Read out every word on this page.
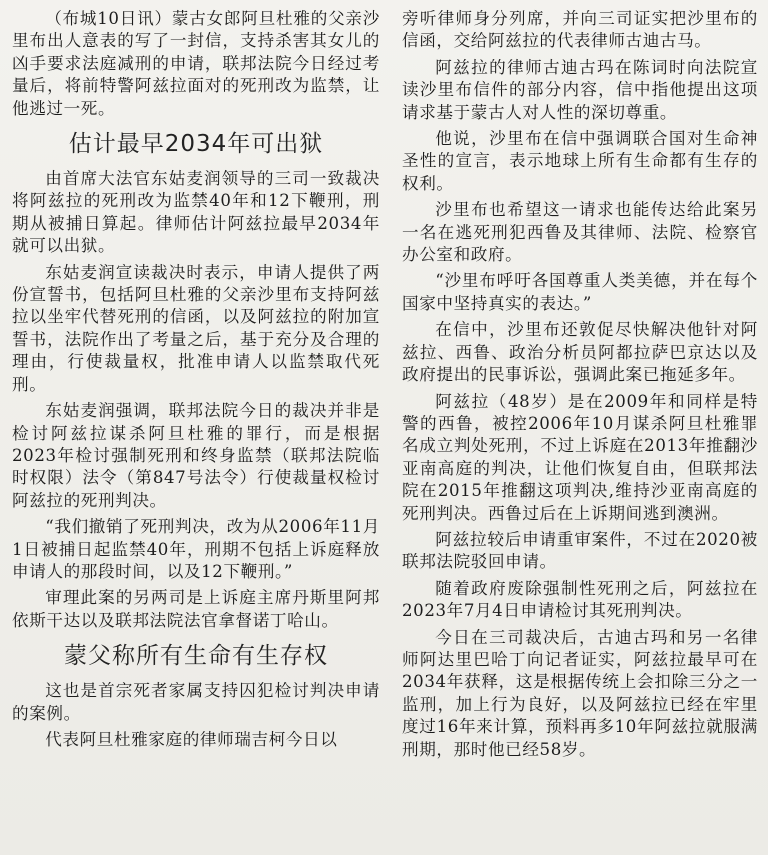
（布城10日讯）蒙古女郎阿旦杜雅的父亲沙里布出人意表的写了一封信，支持杀害其女儿的凶手要求法庭减刑的申请，联邦法院今日经过考量后，将前特警阿兹拉面对的死刑改为监禁，让他逃过一死。

估计最早2034年可出狱

由首席大法官东姑麦润领导的三司一致裁决将阿兹拉的死刑改为监禁40年和12下鞭刑，刑期从被捕日算起。律师估计阿兹拉最早2034年就可以出狱。

东姑麦润宣读裁决时表示，申请人提供了两份宣誓书，包括阿旦杜雅的父亲沙里布支持阿兹拉以坐牢代替死刑的信函，以及阿兹拉的附加宣誓书，法院作出了考量之后，基于充分及合理的理由，行使裁量权，批准申请人以监禁取代死刑。

东姑麦润强调，联邦法院今日的裁决并非是检讨阿兹拉谋杀阿旦杜雅的罪行，而是根据2023年检讨强制死刑和终身监禁（联邦法院临时权限）法令（第847号法令）行使裁量权检讨阿兹拉的死刑判决。

“我们撤销了死刑判决，改为从2006年11月1日被捕日起监禁40年，刑期不包括上诉庭释放申请人的那段时间，以及12下鞭刑。”

审理此案的另两司是上诉庭主席丹斯里阿邦依斯干达以及联邦法院法官拿督诺丁哈山。

蒙父称所有生命有生存权

这也是首宗死者家属支持囚犯检讨判决申请的案例。

代表阿旦杜雅家庭的律师瑞吉柯今日以

旁听律师身分列席，并向三司证实把沙里布的信函，交给阿兹拉的代表律师古迪古马。

阿兹拉的律师古迪古玛在陈词时向法院宣读沙里布信件的部分内容，信中指他提出这项请求基于蒙古人对人性的深切尊重。

他说，沙里布在信中强调联合国对生命神圣性的宣言，表示地球上所有生命都有生存的权利。

沙里布也希望这一请求也能传达给此案另一名在逃死刑犯西鲁及其律师、法院、检察官办公室和政府。

“沙里布呼吁各国尊重人类美德，并在每个国家中坚持真实的表达。”

在信中，沙里布还敦促尽快解决他针对阿兹拉、西鲁、政治分析员阿都拉萨巴京达以及政府提出的民事诉讼，强调此案已拖延多年。

阿兹拉（48岁）是在2009年和同样是特警的西鲁，被控2006年10月谋杀阿旦杜雅罪名成立判处死刑，不过上诉庭在2013年推翻沙亚南高庭的判决，让他们恢复自由，但联邦法院在2015年推翻这项判决,维持沙亚南高庭的死刑判决。西鲁过后在上诉期间逃到澳洲。

阿兹拉较后申请重审案件，不过在2020被联邦法院驳回申请。

随着政府废除强制性死刑之后，阿兹拉在2023年7月4日申请检讨其死刑判决。

今日在三司裁决后，古迪古玛和另一名律师阿达里巴哈丁向记者证实，阿兹拉最早可在 2034年获释，这是根据传统上会扣除三分之一监刑，加上行为良好，以及阿兹拉已经在牢里度过16年来计算，预料再多10年阿兹拉就服满刑期，那时他已经58岁。
